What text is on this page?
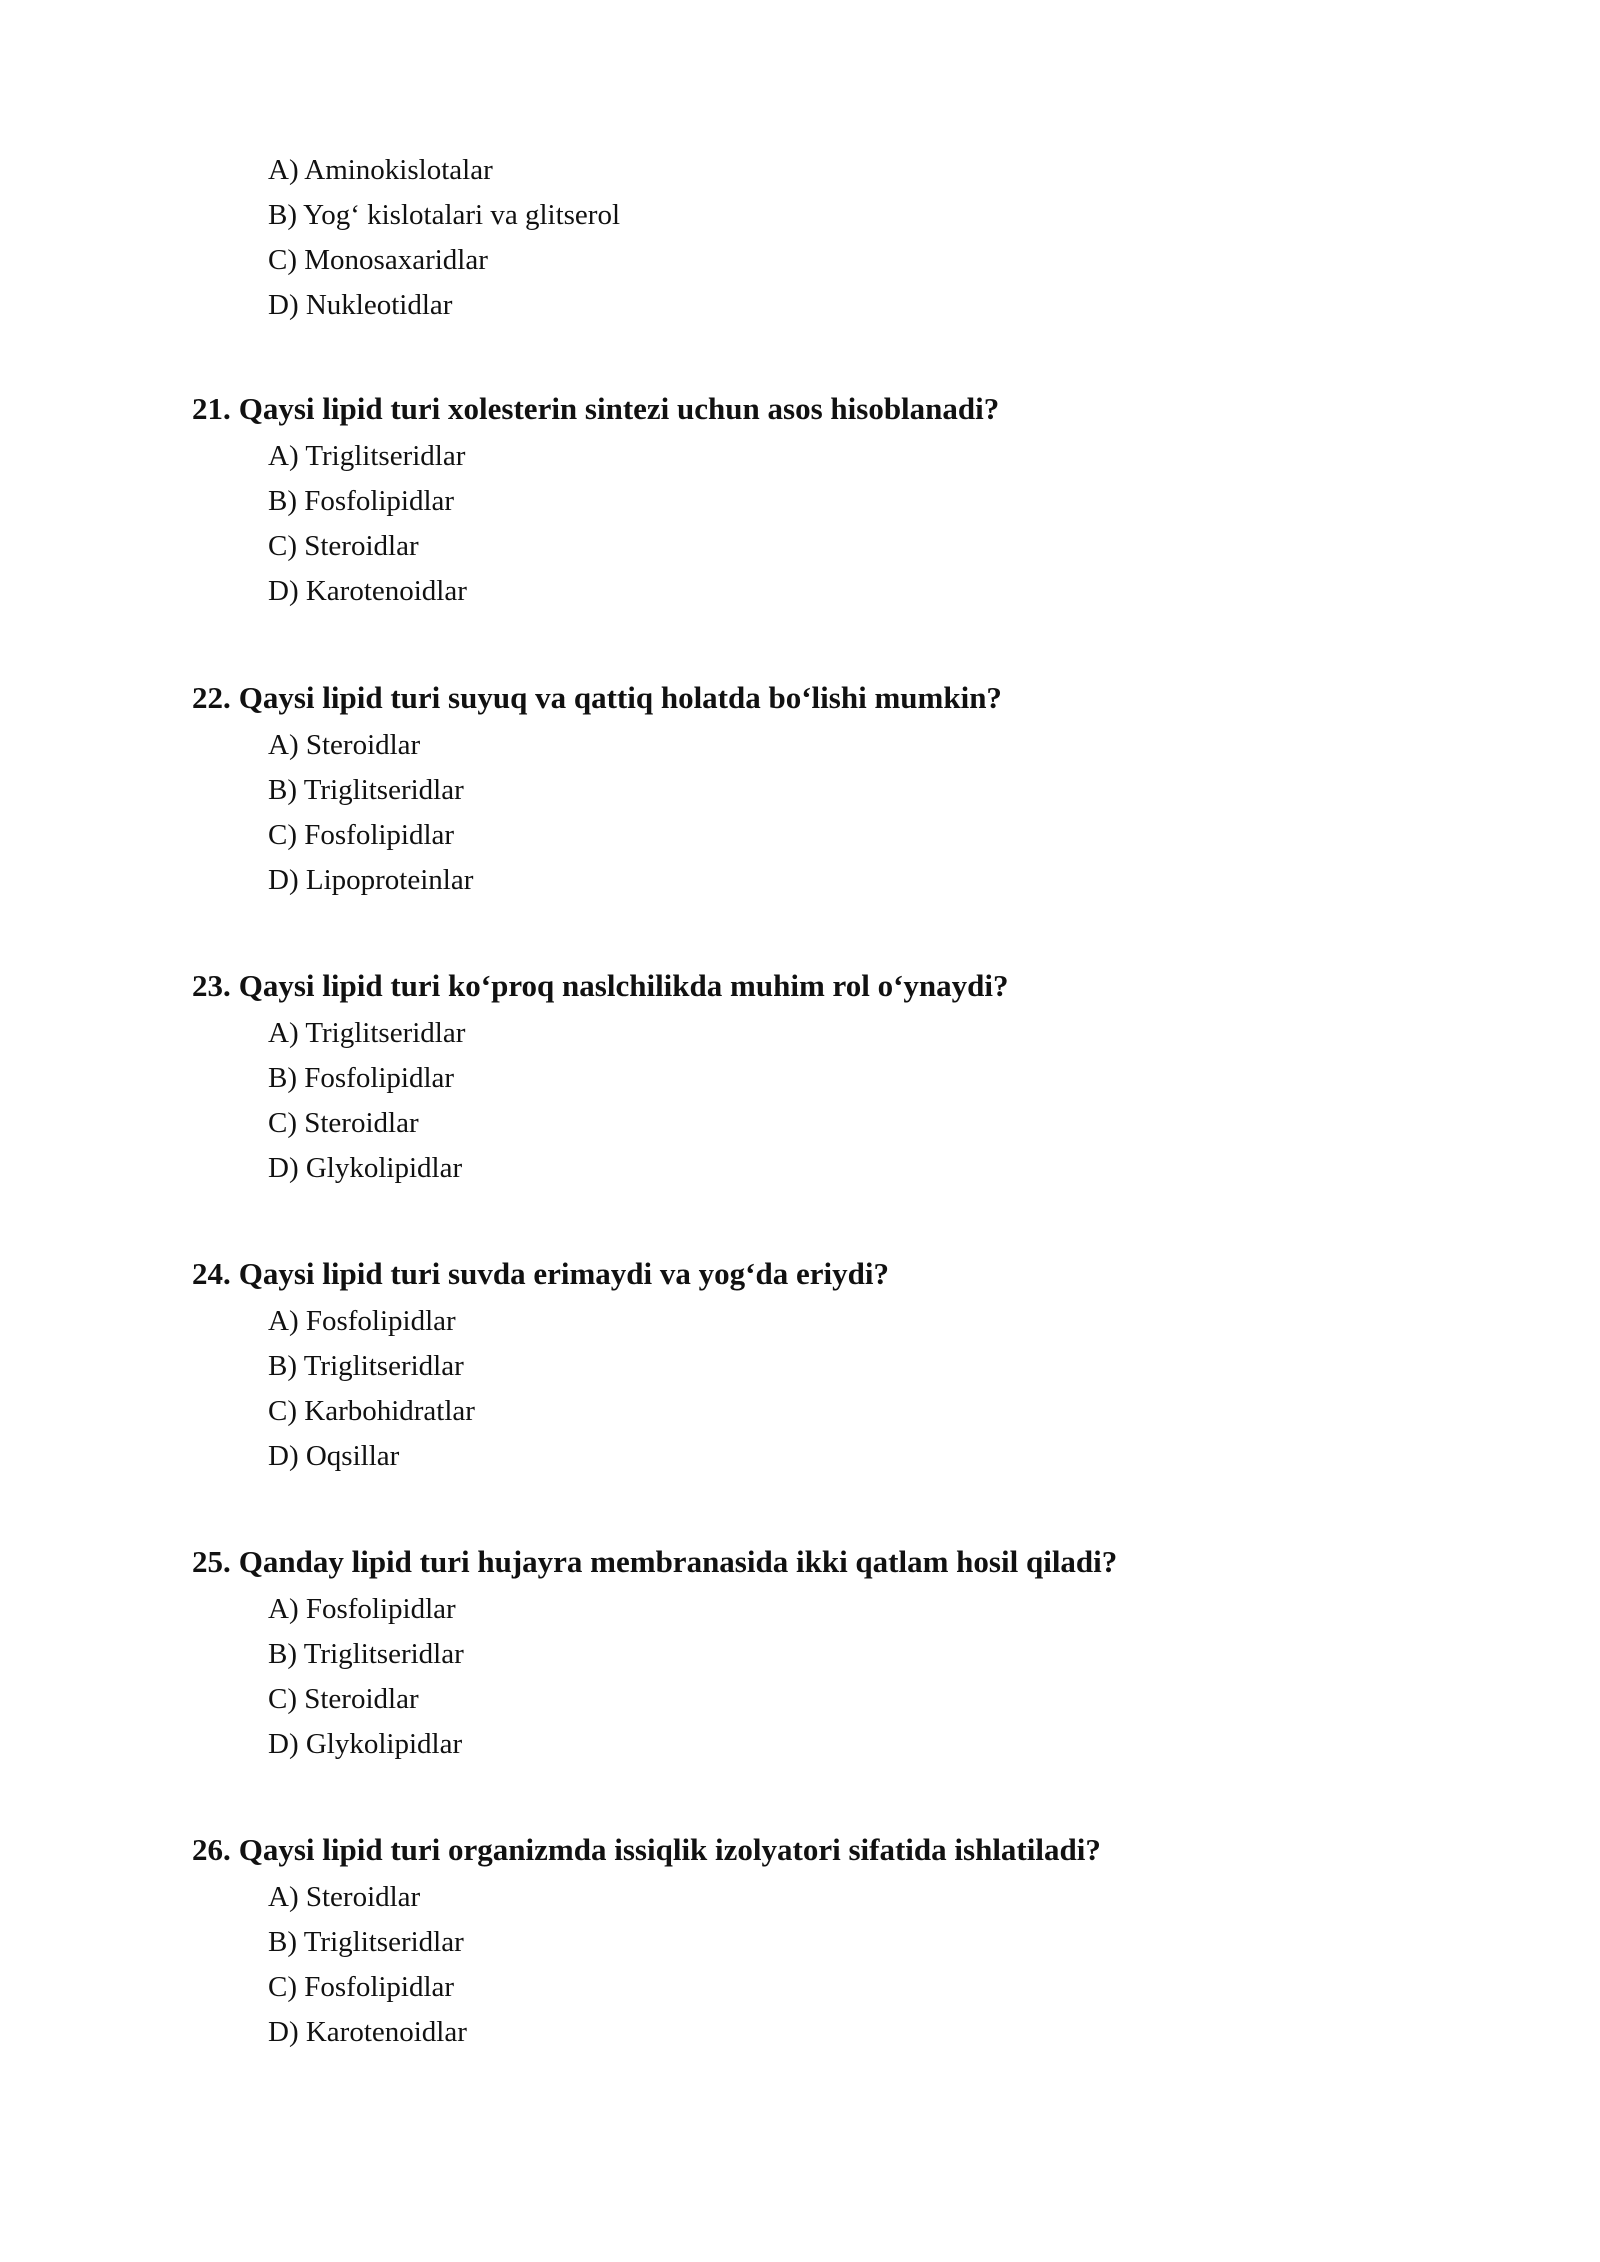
A) Aminokislotalar
B) Yog‘ kislotalari va glitserol
C) Monosaxaridlar
D) Nukleotidlar

21. Qaysi lipid turi xolesterin sintezi uchun asos hisoblanadi?

A) Triglitseridlar
B) Fosfolipidlar
C) Steroidlar
D) Karotenoidlar

22. Qaysi lipid turi suyuq va qattiq holatda bo‘lishi mumkin?

A) Steroidlar
B) Triglitseridlar
C) Fosfolipidlar
D) Lipoproteinlar

23. Qaysi lipid turi ko‘proq naslchilikda muhim rol o‘ynaydi?

A) Triglitseridlar
B) Fosfolipidlar
C) Steroidlar
D) Glykolipidlar

24. Qaysi lipid turi suvda erimaydi va yog‘da eriydi?

A) Fosfolipidlar
B) Triglitseridlar
C) Karbohidratlar
D) Oqsillar

25. Qanday lipid turi hujayra membranasida ikki qatlam hosil qiladi?

A) Fosfolipidlar
B) Triglitseridlar
C) Steroidlar
D) Glykolipidlar

26. Qaysi lipid turi organizmda issiqlik izolyatori sifatida ishlatiladi?

A) Steroidlar
B) Triglitseridlar
C) Fosfolipidlar
D) Karotenoidlar
